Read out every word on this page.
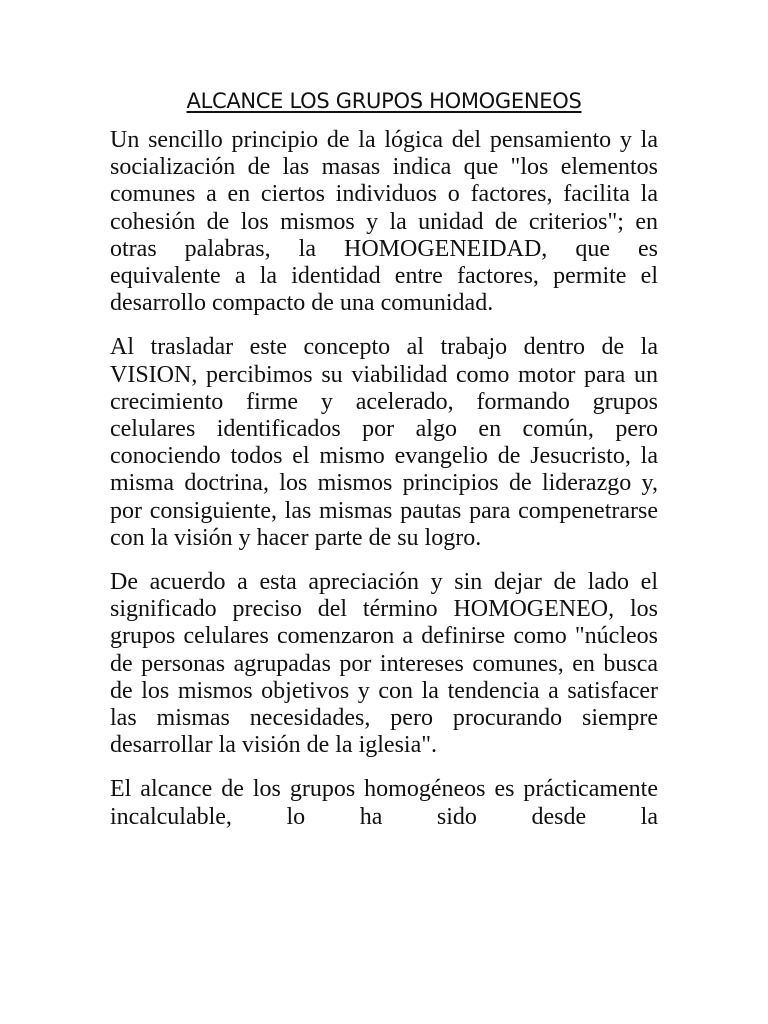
ALCANCE LOS GRUPOS HOMOGENEOS

Un sencillo principio de la lógica del pensamiento y la socialización de las masas indica que "los elementos comunes a en ciertos individuos o factores, facilita la cohesión de los mismos y la unidad de criterios"; en otras palabras, la HOMOGENEIDAD, que es equivalente a la identidad entre factores, permite el desarrollo compacto de una comunidad.

Al trasladar este concepto al trabajo dentro de la VISION, percibimos su viabilidad como motor para un crecimiento firme y acelerado, formando grupos celulares identificados por algo en común, pero conociendo todos el mismo evangelio de Jesucristo, la misma doctrina, los mismos principios de liderazgo y, por consiguiente, las mismas pautas para compenetrarse con la visión y hacer parte de su logro.

De acuerdo a esta apreciación y sin dejar de lado el significado preciso del término HOMOGENEO, los grupos celulares comenzaron a definirse como "núcleos de personas agrupadas por intereses comunes, en busca de los mismos objetivos y con la tendencia a satisfacer las mismas necesidades, pero procurando siempre desarrollar la visión de la iglesia".

El alcance de los grupos homogéneos es prácticamente incalculable, lo ha sido desde la
